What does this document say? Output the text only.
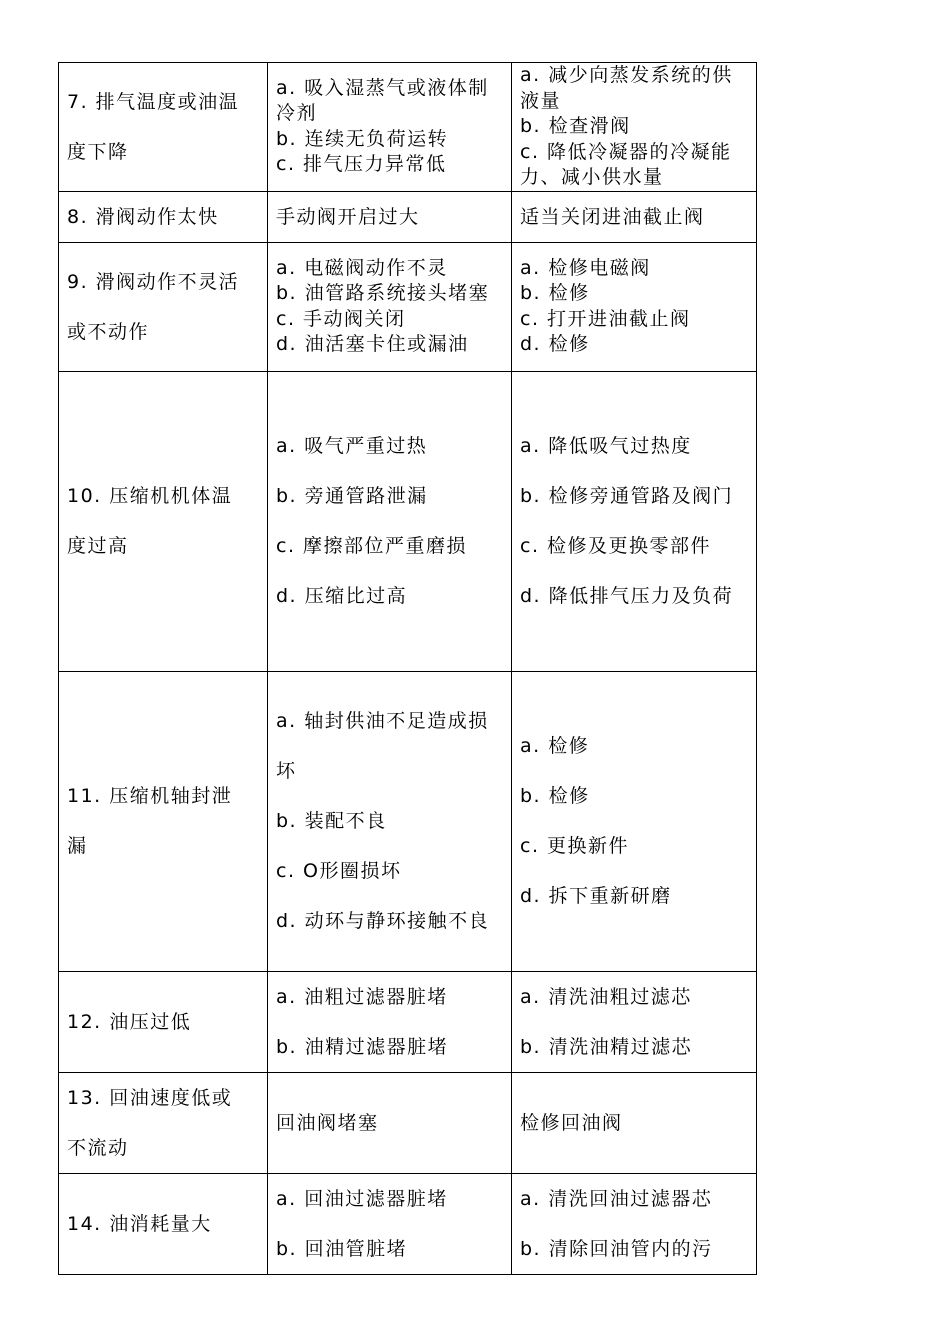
7. 排气温度或油温
度下降	a. 吸入湿蒸气或液体制冷剂
b. 连续无负荷运转
c. 排气压力异常低	a. 减少向蒸发系统的供液量
b. 检查滑阀
c. 降低冷凝器的冷凝能力、减小供水量

8. 滑阀动作太快	手动阀开启过大	适当关闭进油截止阀

9. 滑阀动作不灵活
或不动作	a. 电磁阀动作不灵
b. 油管路系统接头堵塞
c. 手动阀关闭
d. 油活塞卡住或漏油	a. 检修电磁阀
b. 检修
c. 打开进油截止阀
d. 检修

10. 压缩机机体温
度过高	a. 吸气严重过热
b. 旁通管路泄漏
c. 摩擦部位严重磨损
d. 压缩比过高	a. 降低吸气过热度
b. 检修旁通管路及阀门
c. 检修及更换零部件
d. 降低排气压力及负荷

11. 压缩机轴封泄
漏	a. 轴封供油不足造成损坏
b. 装配不良
c. O形圈损坏
d. 动环与静环接触不良	a. 检修
b. 检修
c. 更换新件
d. 拆下重新研磨

12. 油压过低	a. 油粗过滤器脏堵
b. 油精过滤器脏堵	a. 清洗油粗过滤芯
b. 清洗油精过滤芯

13. 回油速度低或
不流动	回油阀堵塞	检修回油阀

14. 油消耗量大	a. 回油过滤器脏堵
b. 回油管脏堵	a. 清洗回油过滤器芯
b. 清除回油管内的污
